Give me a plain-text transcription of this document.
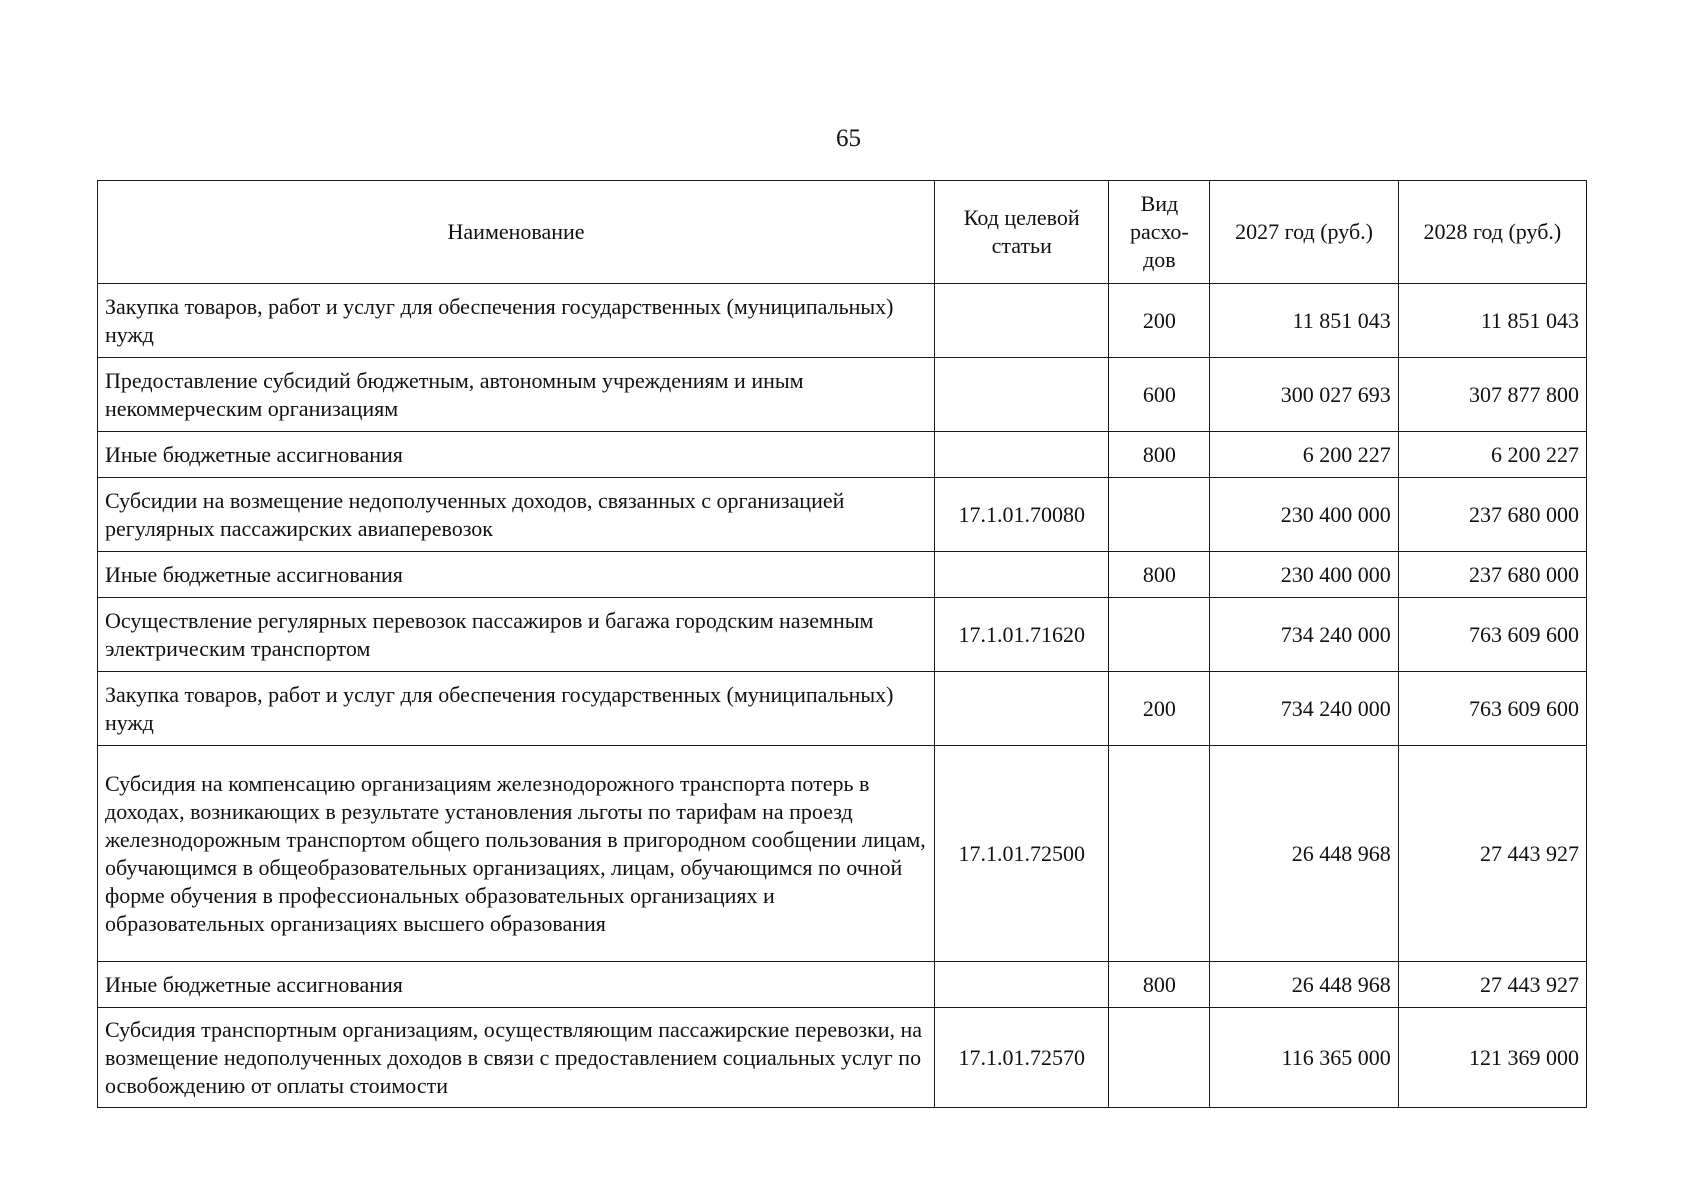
65
Наименование	Код целевой статьи	Вид расхо- дов	2027 год (руб.)	2028 год (руб.)
Закупка товаров, работ и услуг для обеспечения государственных (муниципальных) нужд		200	11 851 043	11 851 043
Предоставление субсидий бюджетным, автономным учреждениям и иным некоммерческим организациям		600	300 027 693	307 877 800
Иные бюджетные ассигнования		800	6 200 227	6 200 227
Субсидии на возмещение недополученных доходов, связанных с организацией регулярных пассажирских авиаперевозок	17.1.01.70080		230 400 000	237 680 000
Иные бюджетные ассигнования		800	230 400 000	237 680 000
Осуществление регулярных перевозок пассажиров и багажа городским наземным электрическим транспортом	17.1.01.71620		734 240 000	763 609 600
Закупка товаров, работ и услуг для обеспечения государственных (муниципальных) нужд		200	734 240 000	763 609 600
Субсидия на компенсацию организациям железнодорожного транспорта потерь в доходах, возникающих в результате установления льготы по тарифам на проезд железнодорожным транспортом общего пользования в пригородном сообщении лицам, обучающимся в общеобразовательных организациях, лицам, обучающимся по очной форме обучения в профессиональных образовательных организациях и образовательных организациях высшего образования	17.1.01.72500		26 448 968	27 443 927
Иные бюджетные ассигнования		800	26 448 968	27 443 927
Субсидия транспортным организациям, осуществляющим пассажирские перевозки, на возмещение недополученных доходов в связи с предоставлением социальных услуг по освобождению от оплаты стоимости	17.1.01.72570		116 365 000	121 369 000
